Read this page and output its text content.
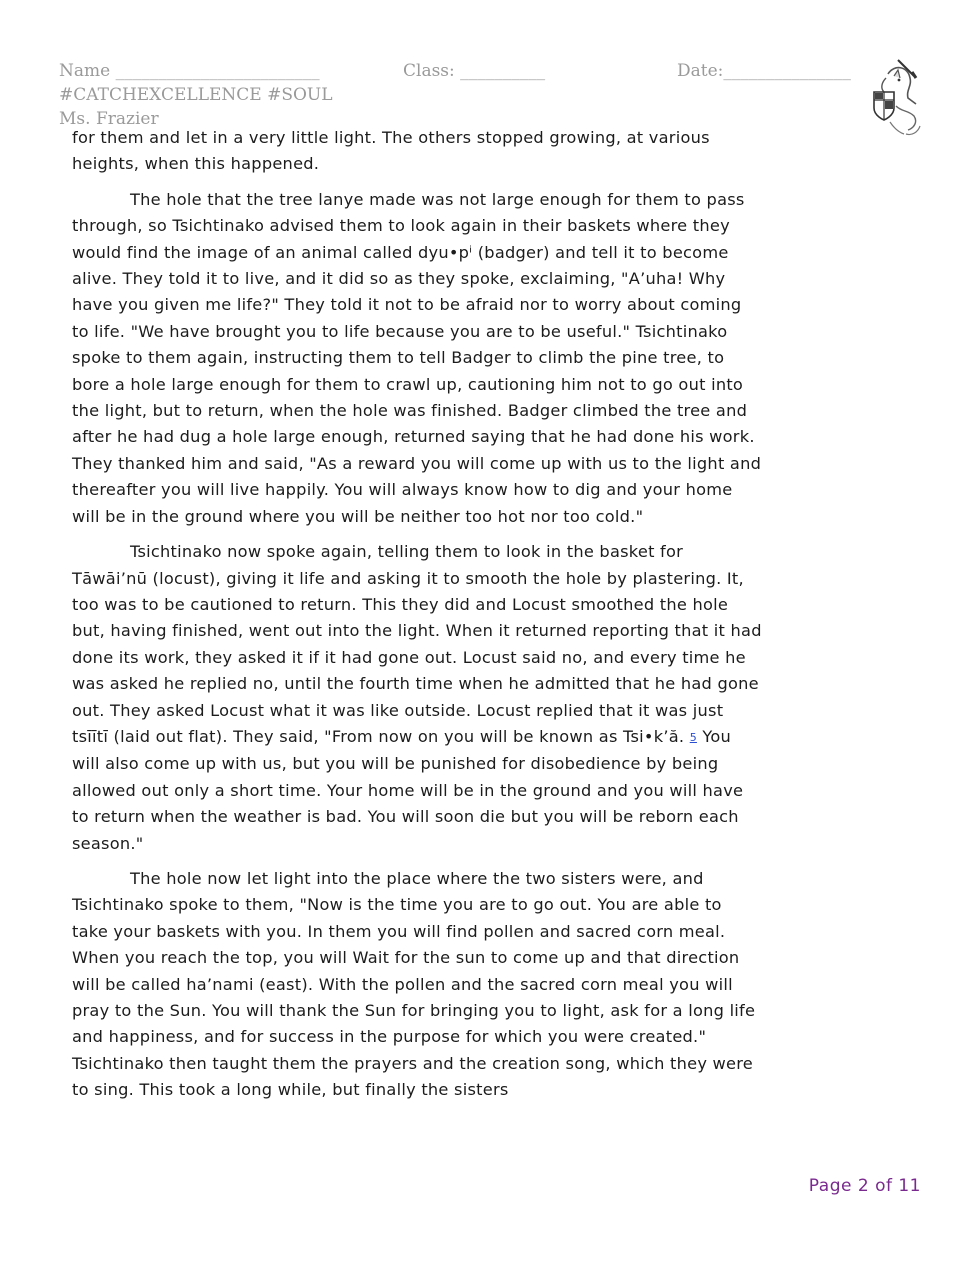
Name ________________________	Class: __________	Date:_______________
#CATCHEXCELLENCE #SOUL
Ms. Frazier

for them and let in a very little light. The others stopped growing, at various heights, when this happened.

The hole that the tree lanye made was not large enough for them to pass through, so Tsichtinako advised them to look again in their baskets where they would find the image of an animal called dyu•pⁱ (badger) and tell it to become alive. They told it to live, and it did so as they spoke, exclaiming, "A’uha! Why have you given me life?" They told it not to be afraid nor to worry about coming to life. "We have brought you to life because you are to be useful." Tsichtinako spoke to them again, instructing them to tell Badger to climb the pine tree, to bore a hole large enough for them to crawl up, cautioning him not to go out into the light, but to return, when the hole was finished. Badger climbed the tree and after he had dug a hole large enough, returned saying that he had done his work. They thanked him and said, "As a reward you will come up with us to the light and thereafter you will live happily. You will always know how to dig and your home will be in the ground where you will be neither too hot nor too cold."

Tsichtinako now spoke again, telling them to look in the basket for Tāwāi’nū (locust), giving it life and asking it to smooth the hole by plastering. It, too was to be cautioned to return. This they did and Locust smoothed the hole but, having finished, went out into the light. When it returned reporting that it had done its work, they asked it if it had gone out. Locust said no, and every time he was asked he replied no, until the fourth time when he admitted that he had gone out. They asked Locust what it was like outside. Locust replied that it was just tsīītī (laid out flat). They said, "From now on you will be known as Tsi•k’ă. 5 You will also come up with us, but you will be punished for disobedience by being allowed out only a short time. Your home will be in the ground and you will have to return when the weather is bad. You will soon die but you will be reborn each season."

The hole now let light into the place where the two sisters were, and Tsichtinako spoke to them, "Now is the time you are to go out. You are able to take your baskets with you. In them you will find pollen and sacred corn meal. When you reach the top, you will Wait for the sun to come up and that direction will be called ha’nami (east). With the pollen and the sacred corn meal you will pray to the Sun. You will thank the Sun for bringing you to light, ask for a long life and happiness, and for success in the purpose for which you were created." Tsichtinako then taught them the prayers and the creation song, which they were to sing. This took a long while, but finally the sisters

Page 2 of 11
